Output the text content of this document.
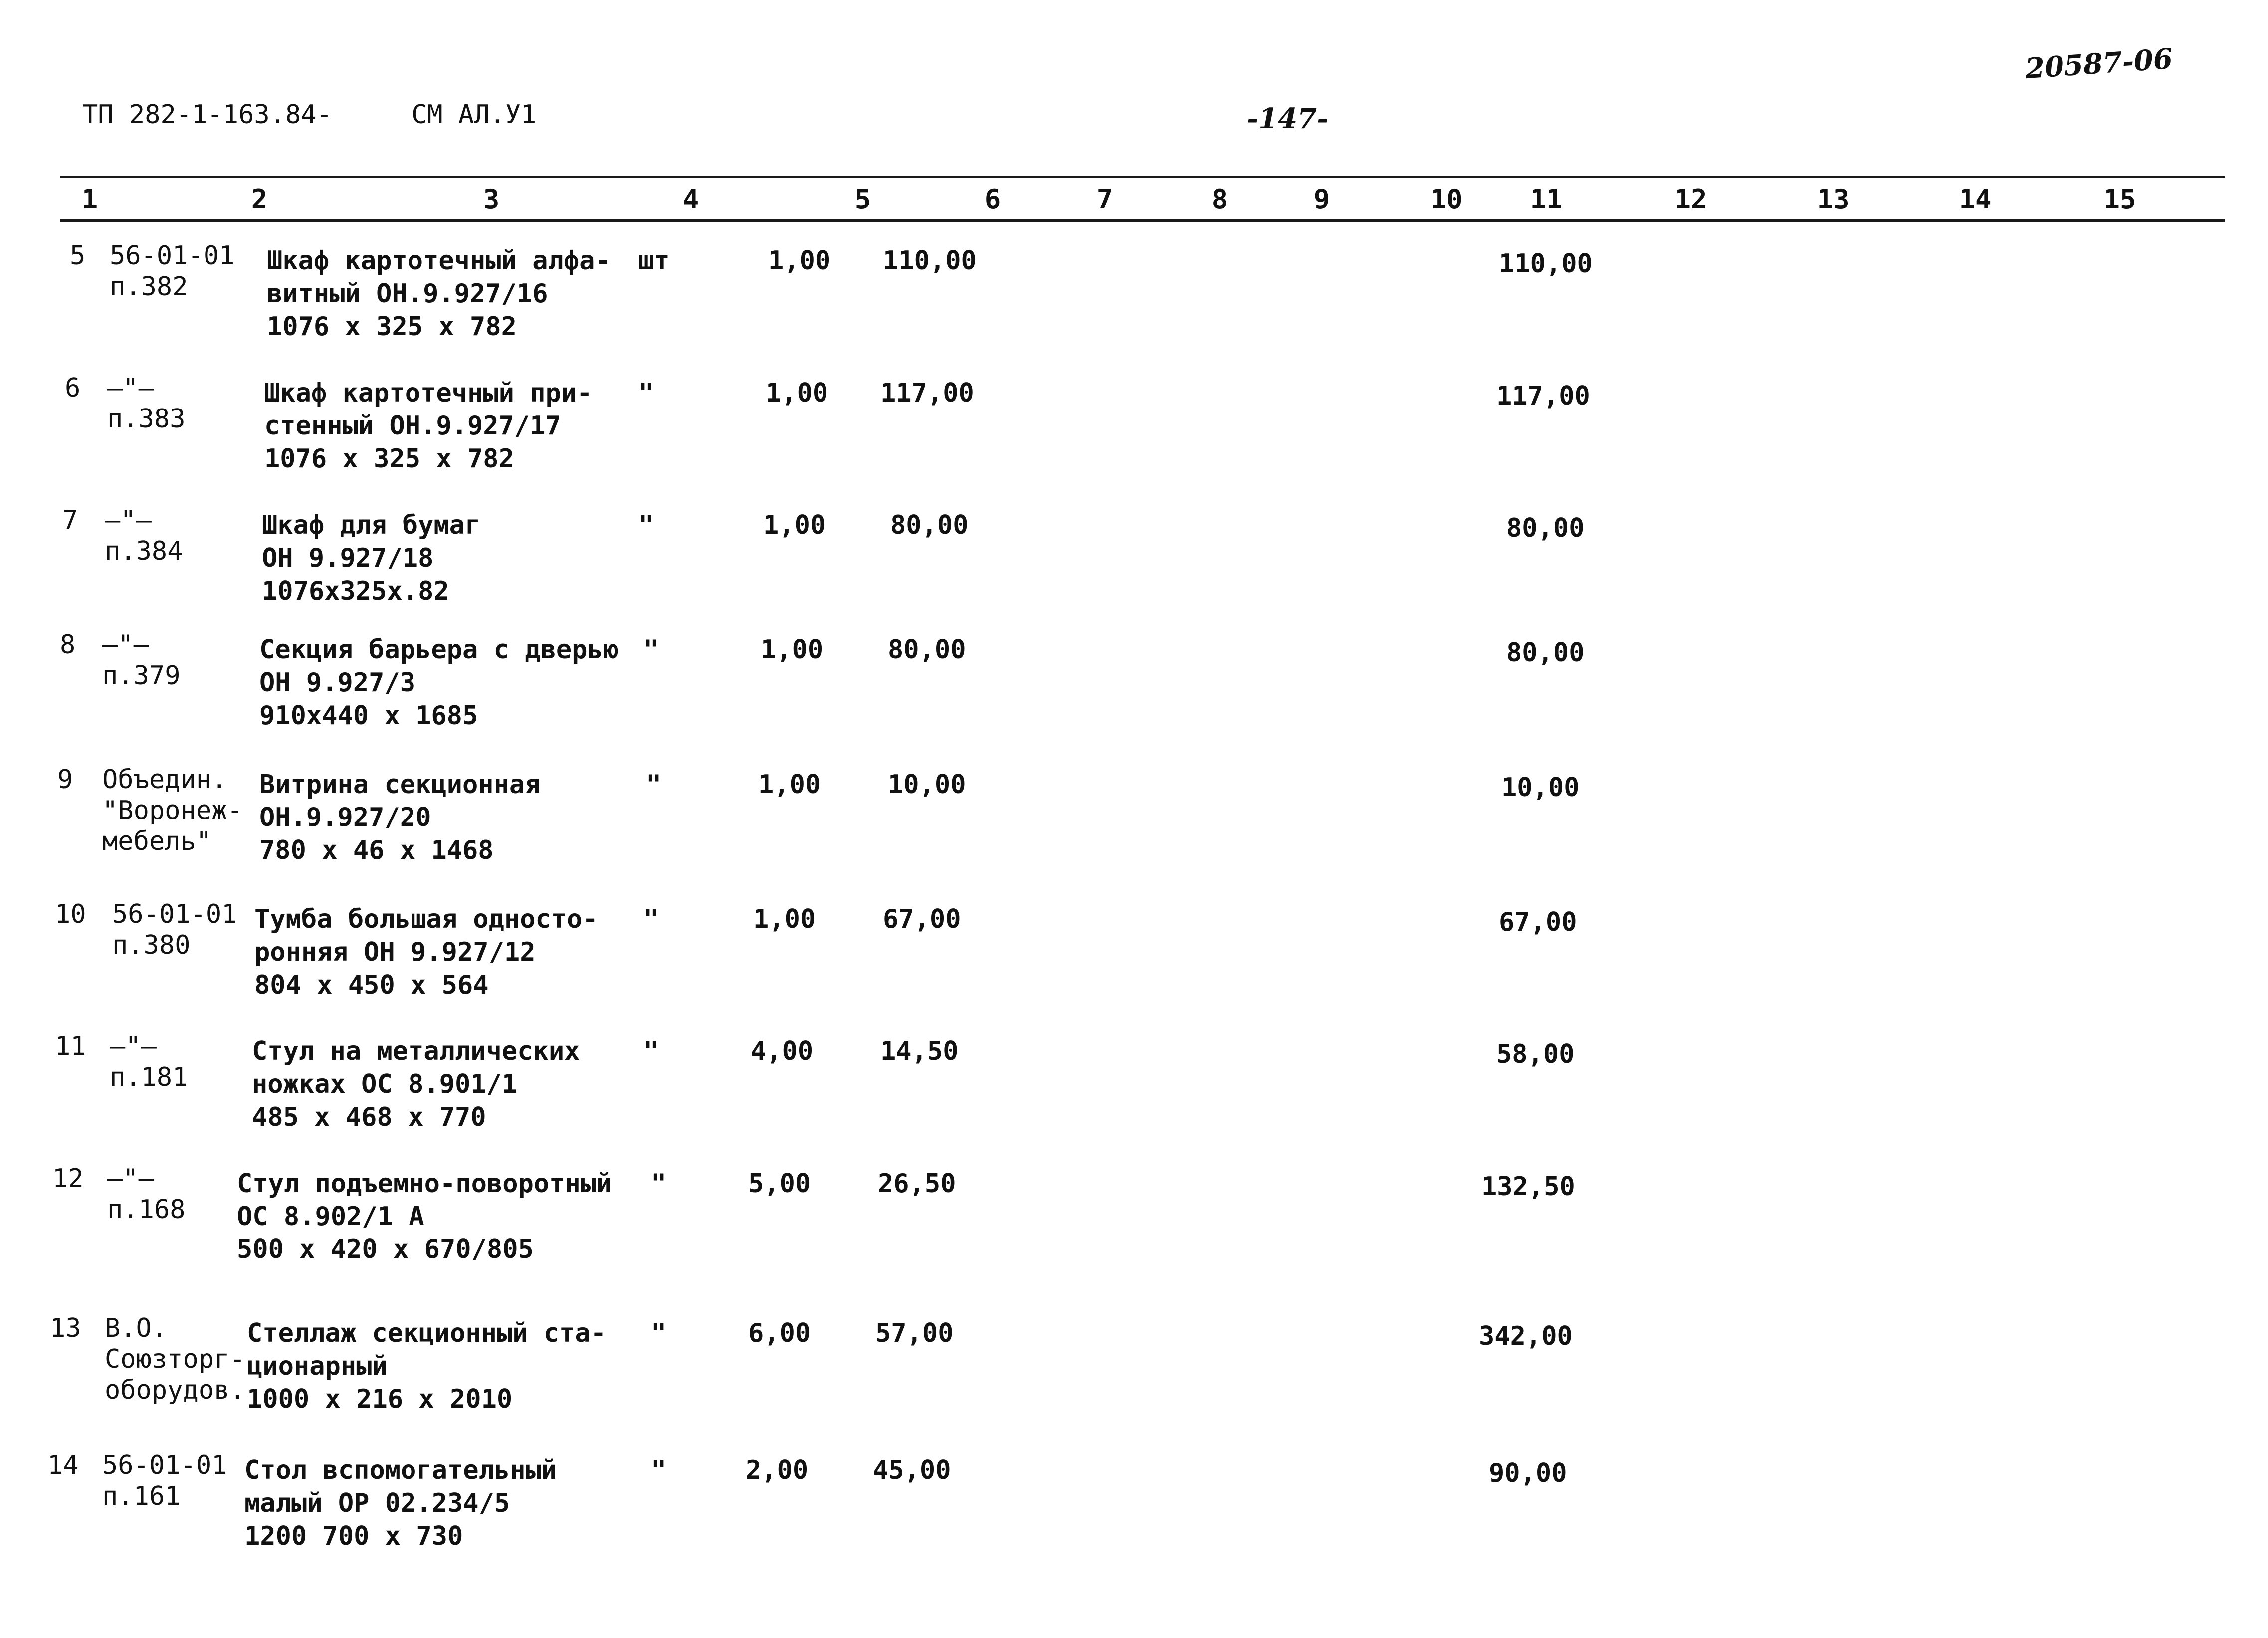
ТП 282-1-163.84-	СМ АЛ.У1	-147-
20587-06
1	2	3	4	5	6	7	8	9	10 11	12	13	14	15
5 56-01-01
п.382
Шкаф картотечный алфа-
витный ОН.9.927/16
1076 x 325 x 782
шт	1,00 110,00	110,00
6 —"—
п.383
Шкаф картотечный при-
стенный ОН.9.927/17
1076 x 325 x 782
"	1,00 117,00	117,00
7 —"—
п.384
Шкаф для бумаг
ОН 9.927/18
1076x325x.82
"	1,00 80,00	80,00
8 —"—
п.379
Секция барьера с дверью
ОН 9.927/3
910x440 x 1685
"	1,00 80,00	80,00
9 Объедин.
"Воронеж-
мебель"
Витрина секционная
ОН.9.927/20
780 x 46 x 1468
"	1,00	10,00	10,00
10 56-01-01
п.380
Тумба большая односто-
ронняя ОН 9.927/12
804 x 450 x 564
"	1,00	67,00	67,00
11 —"—
п.181
Стул на металлических
ножках ОС 8.901/1
485 x 468 x 770
"	4,00	14,50	58,00
12 —"—
п.168
Стул подъемно-поворотный
ОС 8.902/1 А
500 x 420 x 670/805
"	5,00	26,50	132,50
13 В.О.
Союзторг-
оборудов.
Стеллаж секционный ста-
ционарный
1000 x 216 x 2010
"	6,00 57,00	342,00
14 56-01-01
п.161
Стол вспомогательный
малый ОР 02.234/5
1200 700 x 730
"	2,00 45,00	90,00
